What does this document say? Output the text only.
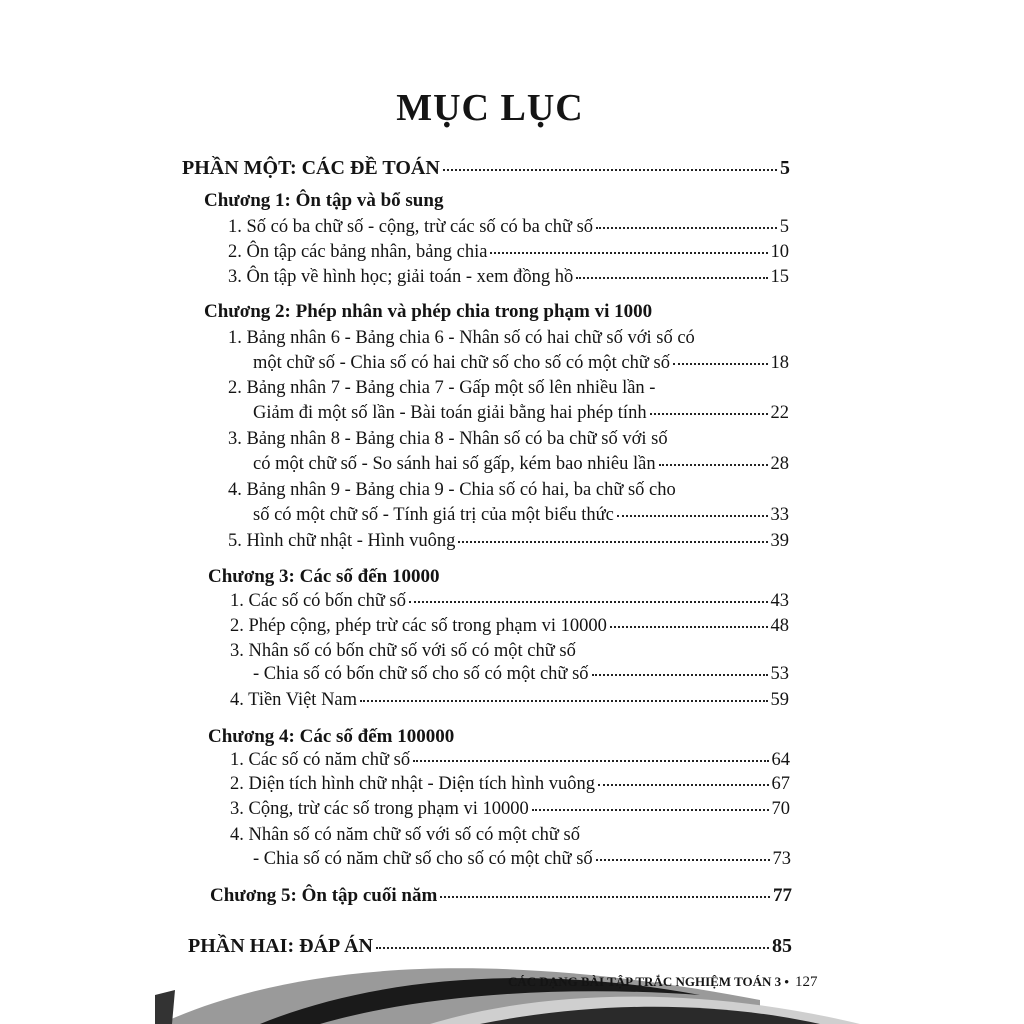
MỤC LỤC
PHẦN MỘT: CÁC ĐỀ TOÁN	5
Chương 1: Ôn tập và bổ sung
1. Số có ba chữ số - cộng, trừ các số có ba chữ số	5
2. Ôn tập các bảng nhân, bảng chia	10
3. Ôn tập về hình học; giải toán - xem đồng hồ	15
Chương 2: Phép nhân và phép chia trong phạm vi 1000
1. Bảng nhân 6 - Bảng chia 6 - Nhân số có hai chữ số với số có
một chữ số - Chia số có hai chữ số cho số có một chữ số	18
2. Bảng nhân 7 - Bảng chia 7 - Gấp một số lên nhiều lần -
Giảm đi một số lần - Bài toán giải bằng hai phép tính	22
3. Bảng nhân 8 - Bảng chia 8 - Nhân số có ba chữ số với số
có một chữ số - So sánh hai số gấp, kém bao nhiêu lần	28
4. Bảng nhân 9 - Bảng chia 9 - Chia số có hai, ba chữ số cho
số có một chữ số - Tính giá trị của một biểu thức	33
5. Hình chữ nhật - Hình vuông	39
Chương 3: Các số đến 10000
1. Các số có bốn chữ số	43
2. Phép cộng, phép trừ các số trong phạm vi 10000	48
3. Nhân số có bốn chữ số với số có một chữ số
- Chia số có bốn chữ số cho số có một chữ số	53
4. Tiền Việt Nam	59
Chương 4: Các số đếm 100000
1. Các số có năm chữ số	64
2. Diện tích hình chữ nhật - Diện tích hình vuông	67
3. Cộng, trừ các số trong phạm vi 10000	70
4. Nhân số có năm chữ số với số có một chữ số
- Chia số có năm chữ số cho số có một chữ số	73
Chương 5: Ôn tập cuối năm	77
PHẦN HAI: ĐÁP ÁN	85
CÁC DẠNG BÀI TẬP TRẮC NGHIỆM TOÁN 3 • 127
